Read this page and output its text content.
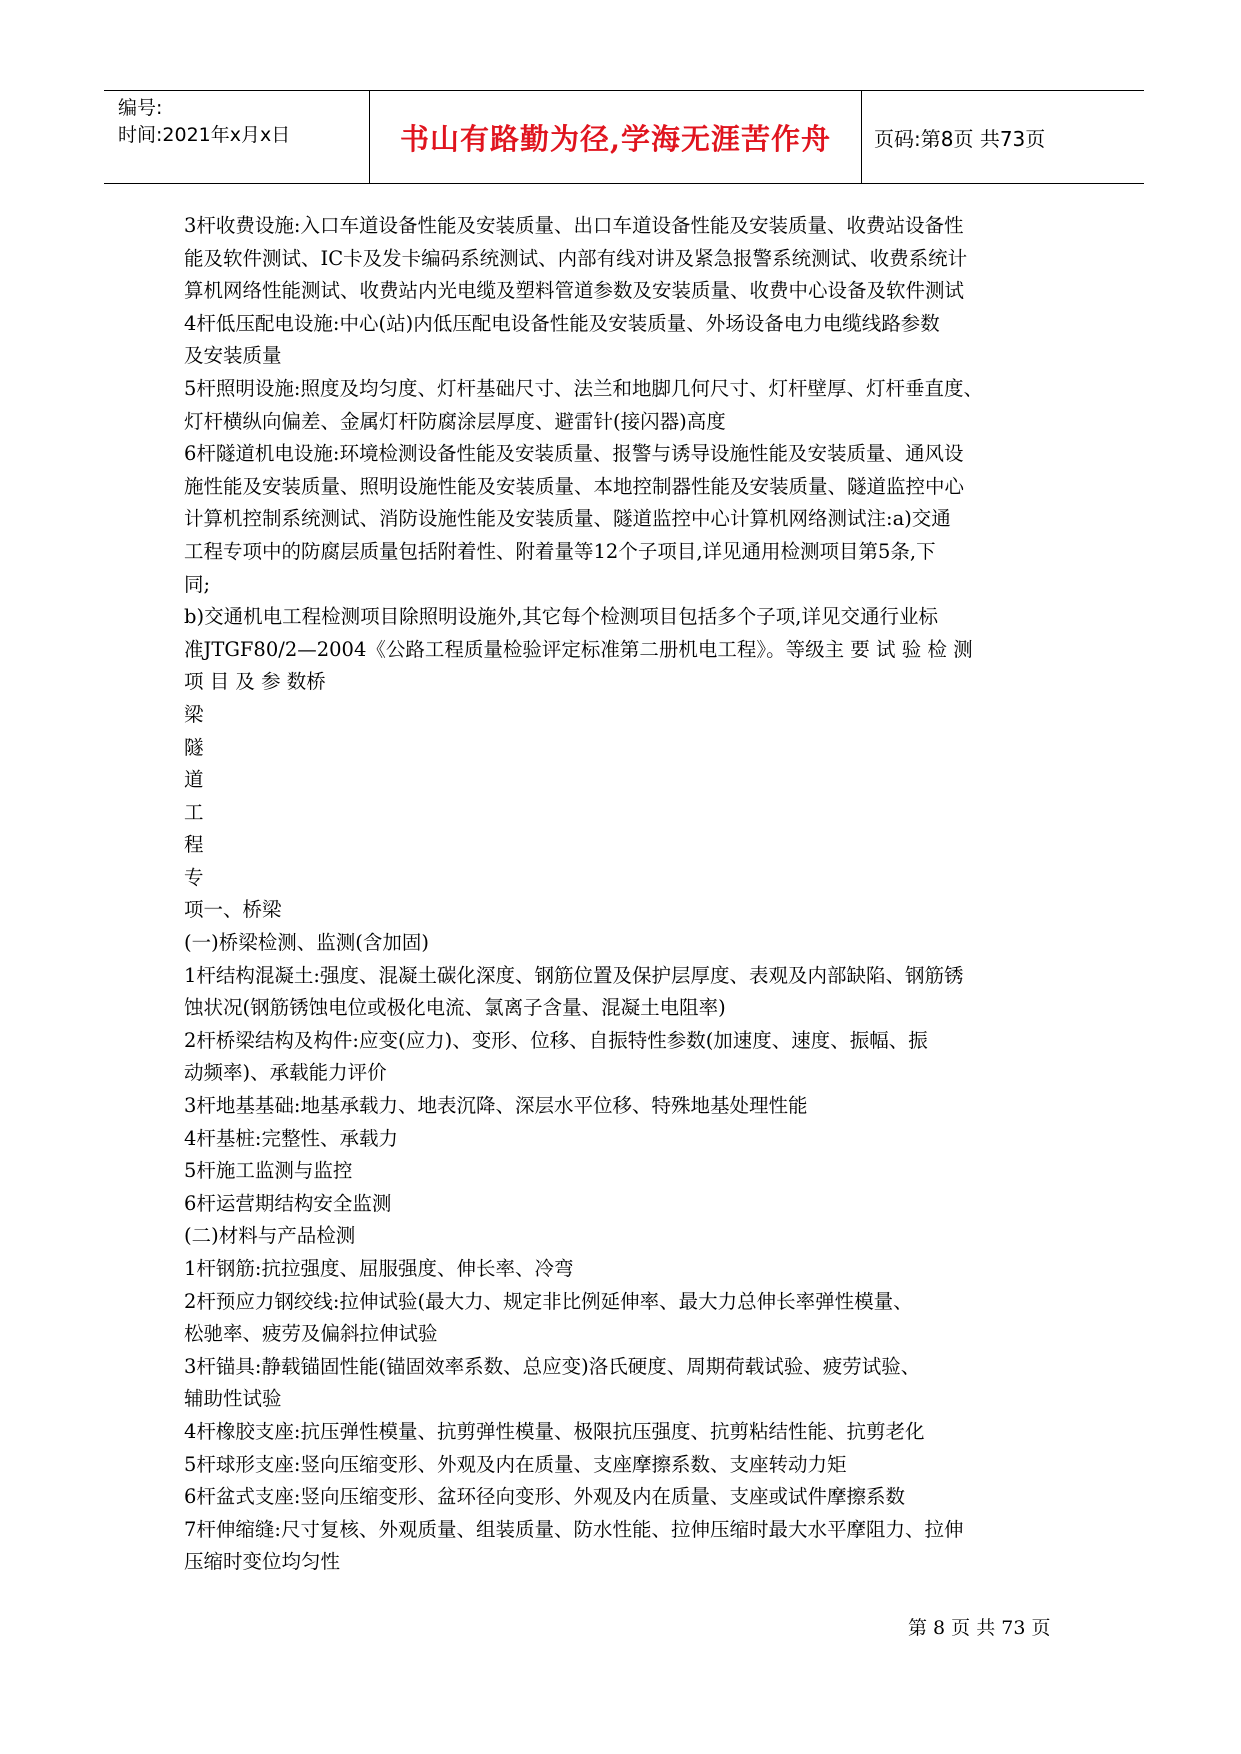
编号:
时间:2021年x月x日	书山有路勤为径,学海无涯苦作舟	页码:第8页 共73页
3杆收费设施:入口车道设备性能及安装质量、出口车道设备性能及安装质量、收费站设备性
能及软件测试、IC卡及发卡编码系统测试、内部有线对讲及紧急报警系统测试、收费系统计
算机网络性能测试、收费站内光电缆及塑料管道参数及安装质量、收费中心设备及软件测试
4杆低压配电设施:中心(站)内低压配电设备性能及安装质量、外场设备电力电缆线路参数
及安装质量
5杆照明设施:照度及均匀度、灯杆基础尺寸、法兰和地脚几何尺寸、灯杆壁厚、灯杆垂直度、
灯杆横纵向偏差、金属灯杆防腐涂层厚度、避雷针(接闪器)高度
6杆隧道机电设施:环境检测设备性能及安装质量、报警与诱导设施性能及安装质量、通风设
施性能及安装质量、照明设施性能及安装质量、本地控制器性能及安装质量、隧道监控中心
计算机控制系统测试、消防设施性能及安装质量、隧道监控中心计算机网络测试注:a)交通
工程专项中的防腐层质量包括附着性、附着量等12个子项目,详见通用检测项目第5条,下
同;
b)交通机电工程检测项目除照明设施外,其它每个检测项目包括多个子项,详见交通行业标
准JTGF80/2—2004《公路工程质量检验评定标准第二册机电工程》。等级主 要 试 验 检 测
项 目 及 参 数桥
梁
隧
道
工
程
专
项一、桥梁
(一)桥梁检测、监测(含加固)
1杆结构混凝土:强度、混凝土碳化深度、钢筋位置及保护层厚度、表观及内部缺陷、钢筋锈
蚀状况(钢筋锈蚀电位或极化电流、氯离子含量、混凝土电阻率)
2杆桥梁结构及构件:应变(应力)、变形、位移、自振特性参数(加速度、速度、振幅、振
动频率)、承载能力评价
3杆地基基础:地基承载力、地表沉降、深层水平位移、特殊地基处理性能
4杆基桩:完整性、承载力
5杆施工监测与监控
6杆运营期结构安全监测
(二)材料与产品检测
1杆钢筋:抗拉强度、屈服强度、伸长率、冷弯
2杆预应力钢绞线:拉伸试验(最大力、规定非比例延伸率、最大力总伸长率弹性模量、
松驰率、疲劳及偏斜拉伸试验
3杆锚具:静载锚固性能(锚固效率系数、总应变)洛氏硬度、周期荷载试验、疲劳试验、
辅助性试验
4杆橡胶支座:抗压弹性模量、抗剪弹性模量、极限抗压强度、抗剪粘结性能、抗剪老化
5杆球形支座:竖向压缩变形、外观及内在质量、支座摩擦系数、支座转动力矩
6杆盆式支座:竖向压缩变形、盆环径向变形、外观及内在质量、支座或试件摩擦系数
7杆伸缩缝:尺寸复核、外观质量、组装质量、防水性能、拉伸压缩时最大水平摩阻力、拉伸
压缩时变位均匀性
第 8 页 共 73 页
